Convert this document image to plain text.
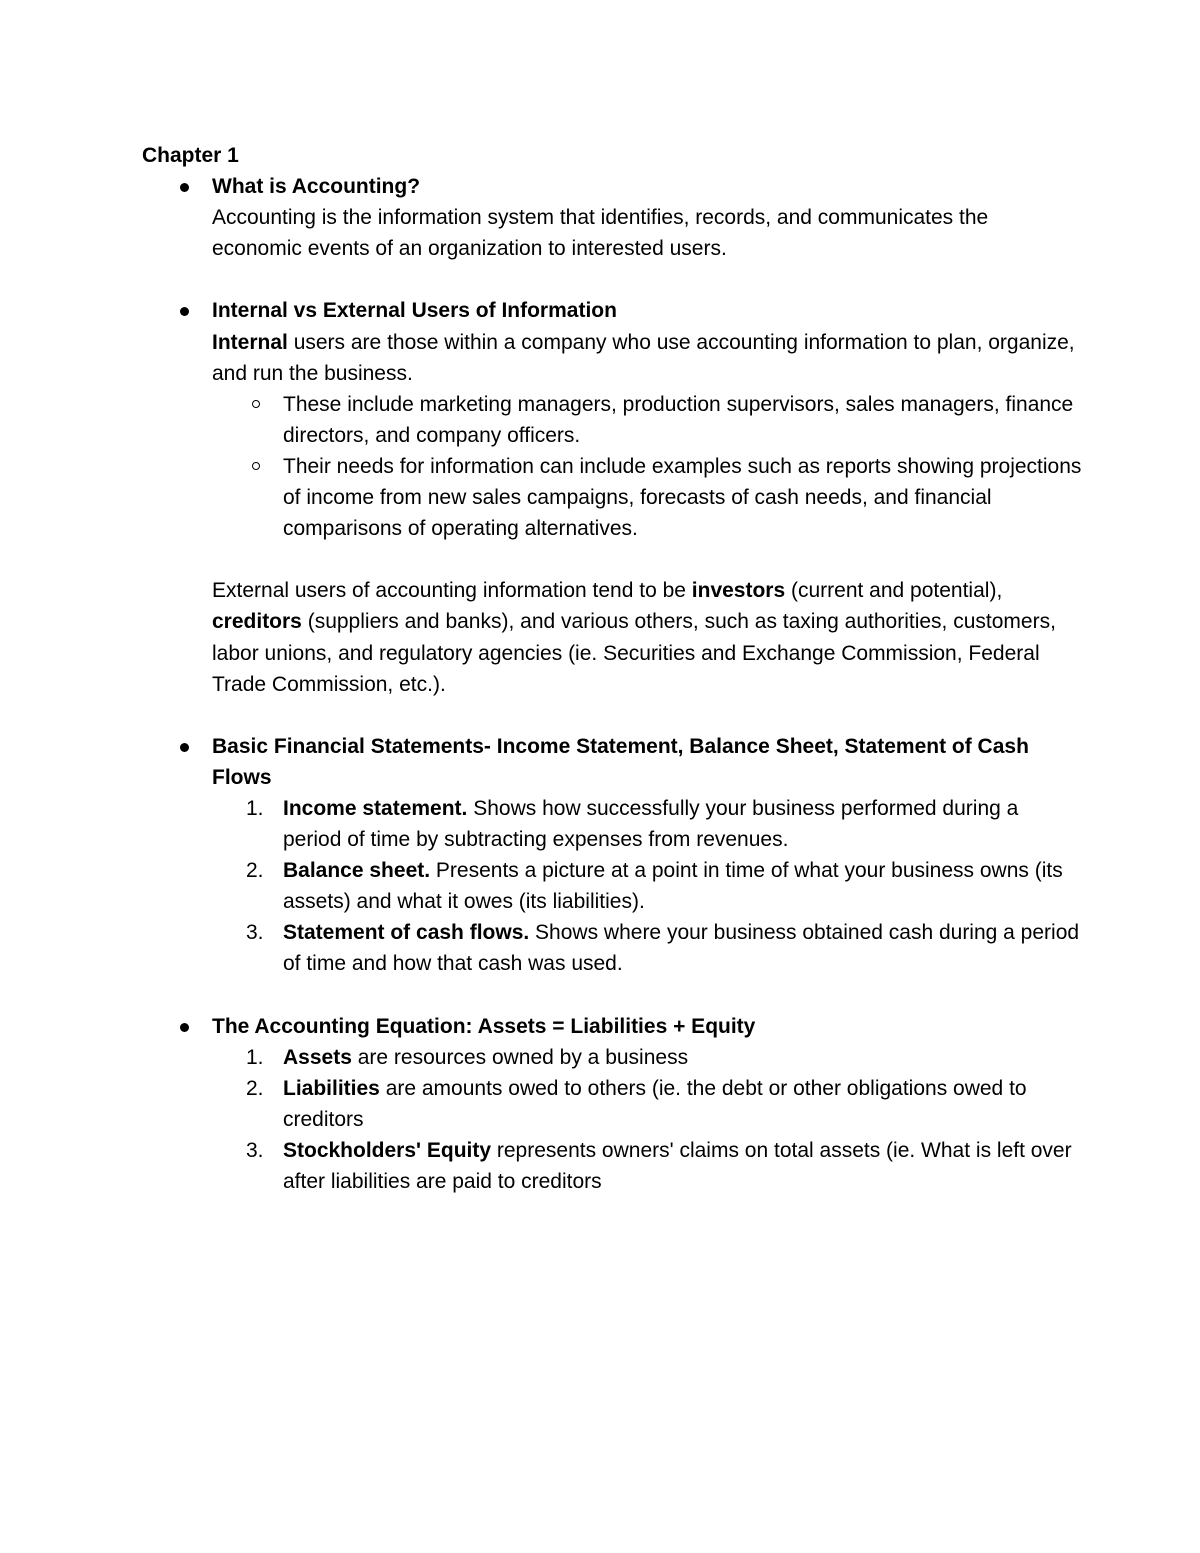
Chapter 1

What is Accounting?

Accounting is the information system that identifies, records, and communicates the economic events of an organization to interested users.

Internal vs External Users of Information

Internal users are those within a company who use accounting information to plan, organize, and run the business.

These include marketing managers, production supervisors, sales managers, finance directors, and company officers.
Their needs for information can include examples such as reports showing projections of income from new sales campaigns, forecasts of cash needs, and financial comparisons of operating alternatives.

External users of accounting information tend to be investors (current and potential), creditors (suppliers and banks), and various others, such as taxing authorities, customers, labor unions, and regulatory agencies (ie. Securities and Exchange Commission, Federal Trade Commission, etc.).

Basic Financial Statements- Income Statement, Balance Sheet, Statement of Cash Flows

1. Income statement. Shows how successfully your business performed during a period of time by subtracting expenses from revenues.
2. Balance sheet. Presents a picture at a point in time of what your business owns (its assets) and what it owes (its liabilities).
3. Statement of cash flows. Shows where your business obtained cash during a period of time and how that cash was used.

The Accounting Equation: Assets = Liabilities + Equity

1. Assets are resources owned by a business
2. Liabilities are amounts owed to others (ie. the debt or other obligations owed to creditors
3. Stockholders' Equity represents owners' claims on total assets (ie. What is left over after liabilities are paid to creditors
